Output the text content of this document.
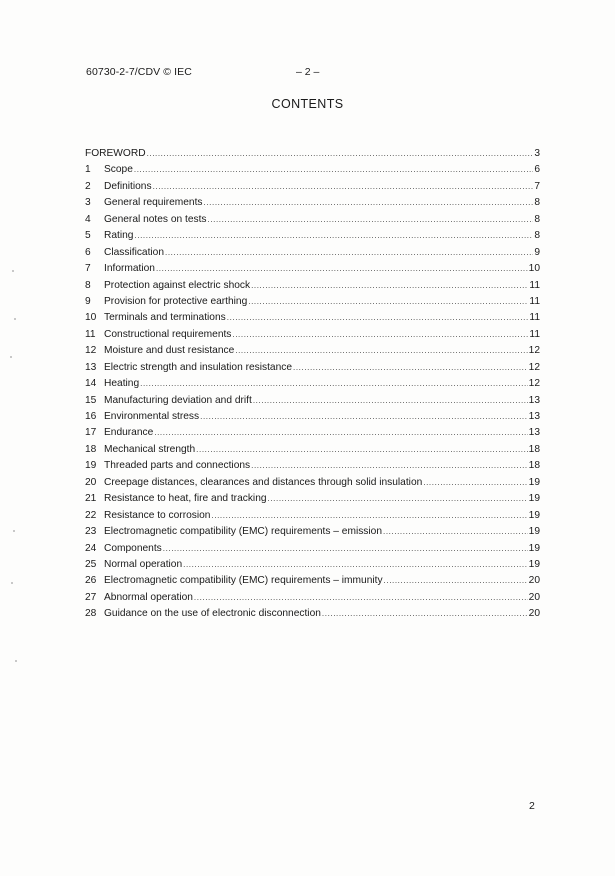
60730-2-7/CDV © IEC	– 2 –
CONTENTS
FOREWORD .....	3
1	Scope .....	6
2	Definitions .....	7
3	General requirements .....	8
4	General notes on tests .....	8
5	Rating .....	8
6	Classification .....	9
7	Information .....	10
8	Protection against electric shock .....	11
9	Provision for protective earthing .....	11
10 Terminals and terminations .....	11
11 Constructional requirements .....	11
12 Moisture and dust resistance .....	12
13 Electric strength and insulation resistance .....	12
14 Heating .....	12
15 Manufacturing deviation and drift .....	13
16 Environmental stress .....	13
17 Endurance .....	13
18 Mechanical strength .....	18
19 Threaded parts and connections .....	18
20 Creepage distances, clearances and distances through solid insulation .....	19
21 Resistance to heat, fire and tracking .....	19
22 Resistance to corrosion .....	19
23 Electromagnetic compatibility (EMC) requirements – emission .....	19
24 Components .....	19
25 Normal operation .....	19
26 Electromagnetic compatibility (EMC) requirements – immunity .....	20
27 Abnormal operation .....	20
28 Guidance on the use of electronic disconnection .....	20
2
